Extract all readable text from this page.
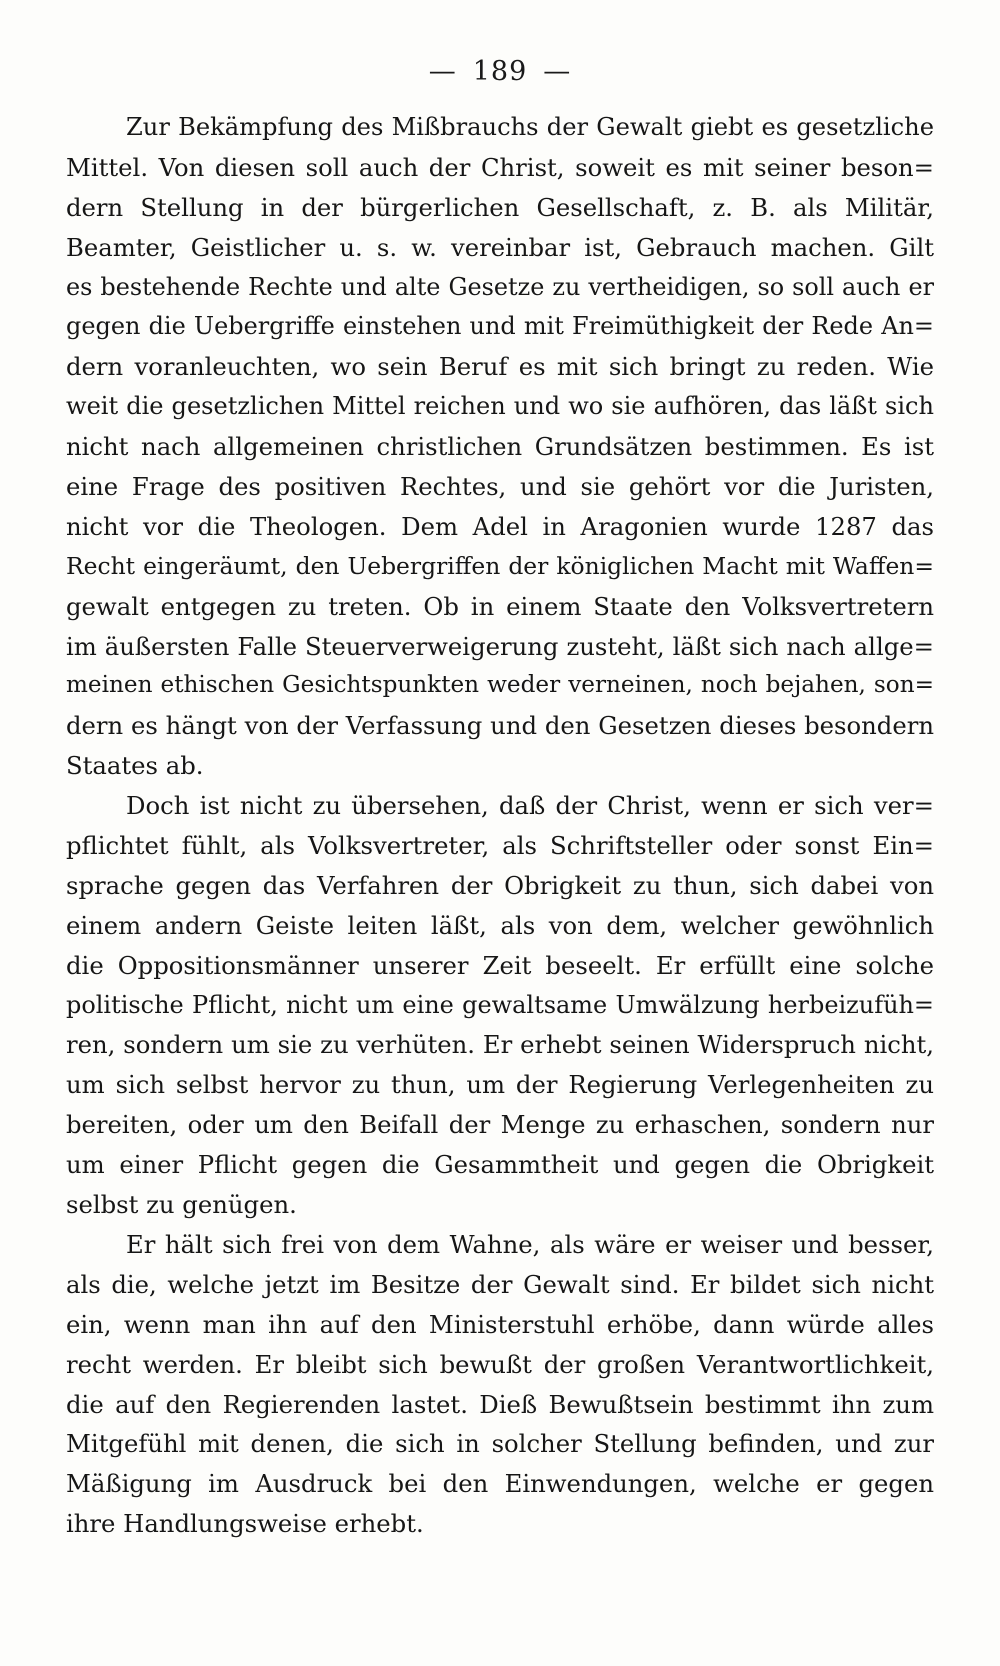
— 189 —
Zur Bekämpfung des Mißbrauchs der Gewalt giebt es gesetzliche
Mittel. Von diesen soll auch der Christ, soweit es mit seiner beson=
dern Stellung in der bürgerlichen Gesellschaft, z. B. als Militär,
Beamter, Geistlicher u. s. w. vereinbar ist, Gebrauch machen. Gilt
es bestehende Rechte und alte Gesetze zu vertheidigen, so soll auch er
gegen die Uebergriffe einstehen und mit Freimüthigkeit der Rede An=
dern voranleuchten, wo sein Beruf es mit sich bringt zu reden. Wie
weit die gesetzlichen Mittel reichen und wo sie aufhören, das läßt sich
nicht nach allgemeinen christlichen Grundsätzen bestimmen. Es ist
eine Frage des positiven Rechtes, und sie gehört vor die Juristen,
nicht vor die Theologen. Dem Adel in Aragonien wurde 1287 das
Recht eingeräumt, den Uebergriffen der königlichen Macht mit Waffen=
gewalt entgegen zu treten. Ob in einem Staate den Volksvertretern
im äußersten Falle Steuerverweigerung zusteht, läßt sich nach allge=
meinen ethischen Gesichtspunkten weder verneinen, noch bejahen, son=
dern es hängt von der Verfassung und den Gesetzen dieses besondern
Staates ab.
Doch ist nicht zu übersehen, daß der Christ, wenn er sich ver=
pflichtet fühlt, als Volksvertreter, als Schriftsteller oder sonst Ein=
sprache gegen das Verfahren der Obrigkeit zu thun, sich dabei von
einem andern Geiste leiten läßt, als von dem, welcher gewöhnlich
die Oppositionsmänner unserer Zeit beseelt. Er erfüllt eine solche
politische Pflicht, nicht um eine gewaltsame Umwälzung herbeizufüh=
ren, sondern um sie zu verhüten. Er erhebt seinen Widerspruch nicht,
um sich selbst hervor zu thun, um der Regierung Verlegenheiten zu
bereiten, oder um den Beifall der Menge zu erhaschen, sondern nur
um einer Pflicht gegen die Gesammtheit und gegen die Obrigkeit
selbst zu genügen.
Er hält sich frei von dem Wahne, als wäre er weiser und besser,
als die, welche jetzt im Besitze der Gewalt sind. Er bildet sich nicht
ein, wenn man ihn auf den Ministerstuhl erhöbe, dann würde alles
recht werden. Er bleibt sich bewußt der großen Verantwortlichkeit,
die auf den Regierenden lastet. Dieß Bewußtsein bestimmt ihn zum
Mitgefühl mit denen, die sich in solcher Stellung befinden, und zur
Mäßigung im Ausdruck bei den Einwendungen, welche er gegen
ihre Handlungsweise erhebt.
